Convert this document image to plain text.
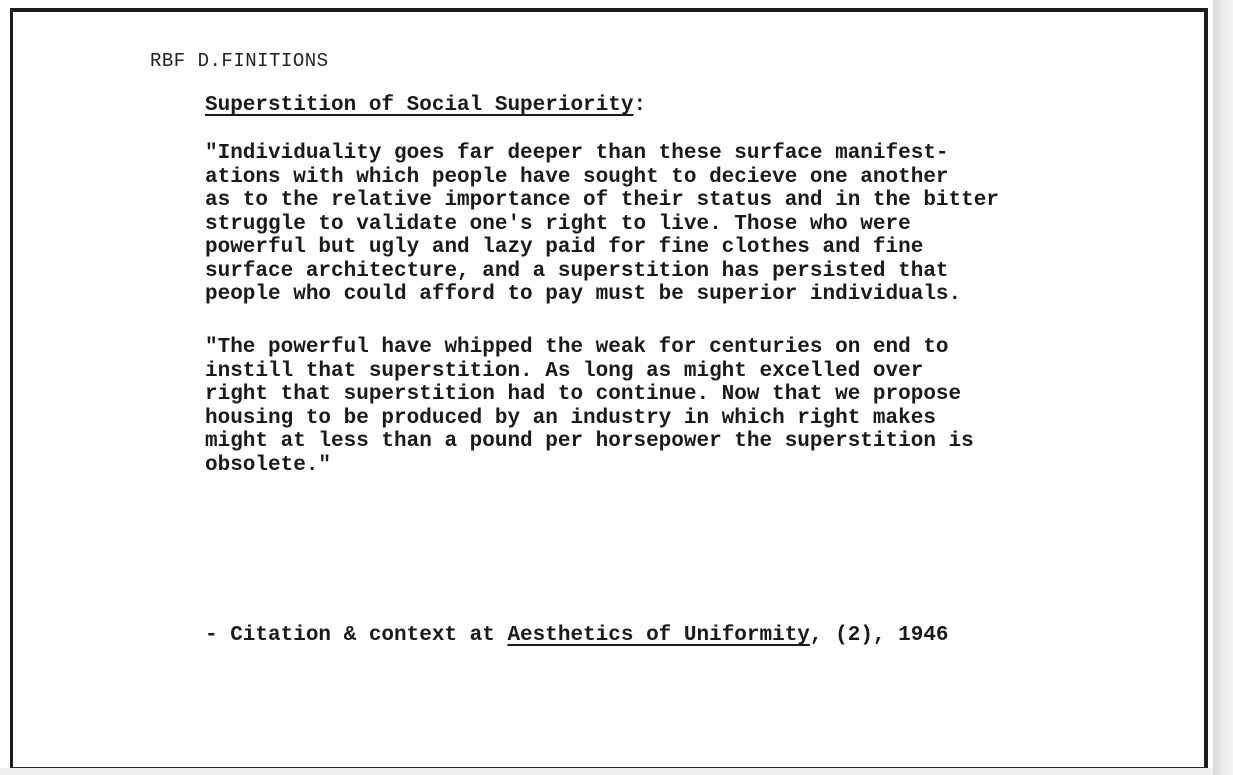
RBF D.FINITIONS
Superstition of Social Superiority:

"Individuality goes far deeper than these surface manifest-
ations with which people have sought to decieve one another
as to the relative importance of their status and in the bitter
struggle to validate one's right to live. Those who were
powerful but ugly and lazy paid for fine clothes and fine
surface architecture, and a superstition has persisted that
people who could afford to pay must be superior individuals.

"The powerful have whipped the weak for centuries on end to
instill that superstition. As long as might excelled over
right that superstition had to continue. Now that we propose
housing to be produced by an industry in which right makes
might at less than a pound per horsepower the superstition is
obsolete."

- Citation & context at Aesthetics of Uniformity, (2), 1946
